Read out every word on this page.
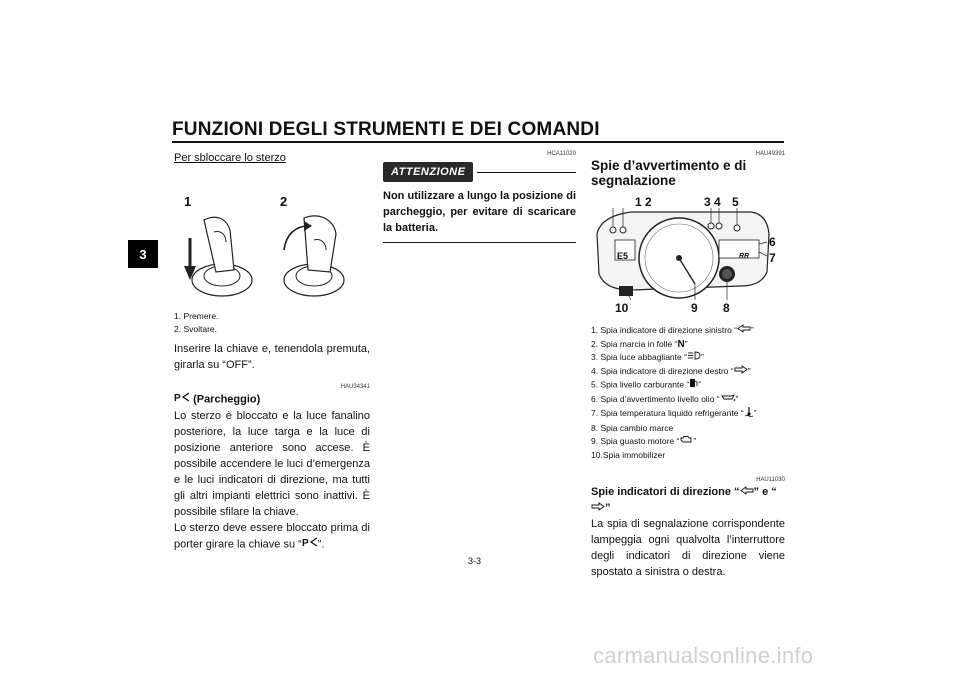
FUNZIONI DEGLI STRUMENTI E DEI COMANDI
3
Per sbloccare lo sterzo
1	2
1. Premere.
2. Svoltare.
Inserire la chiave e, tenendola premuta, girarla su “OFF”.
HAU34341
P (Parcheggio)
Lo sterzo è bloccato e la luce fanalino posteriore, la luce targa e la luce di posizione anteriore sono accese. È possibile accendere le luci d’emergenza e le luci indicatori di direzione, ma tutti gli altri impianti elettrici sono inattivi. È possibile sfilare la chiave.
Lo sterzo deve essere bloccato prima di porter girare la chiave su “ P ”.
HCA11020
ATTENZIONE
Non utilizzare a lungo la posizione di parcheggio, per evitare di scaricare la batteria.
HAU49391
Spie d’avvertimento e di segnalazione
E5	RR
1 2	3 4 5
6
7
8
9
10
1. Spia indicatore di direzione sinistro “ ”
2. Spia marcia in folle “N”
3. Spia luce abbagliante “ ”
4. Spia indicatore di direzione destro “ ”
5. Spia livello carburante “ ”
6. Spia d’avvertimento livello olio “ ”
7. Spia temperatura liquido refrigerante “ ”
8. Spia cambio marce
9. Spia guasto motore “ ”
10.Spia immobilizer
HAU11030
Spie indicatori di direzione “ ” e “”
La spia di segnalazione corrispondente lampeggia ogni qualvolta l’interruttore degli indicatori di direzione viene spostato a sinistra o destra.
3-3
carmanualsonline.info
